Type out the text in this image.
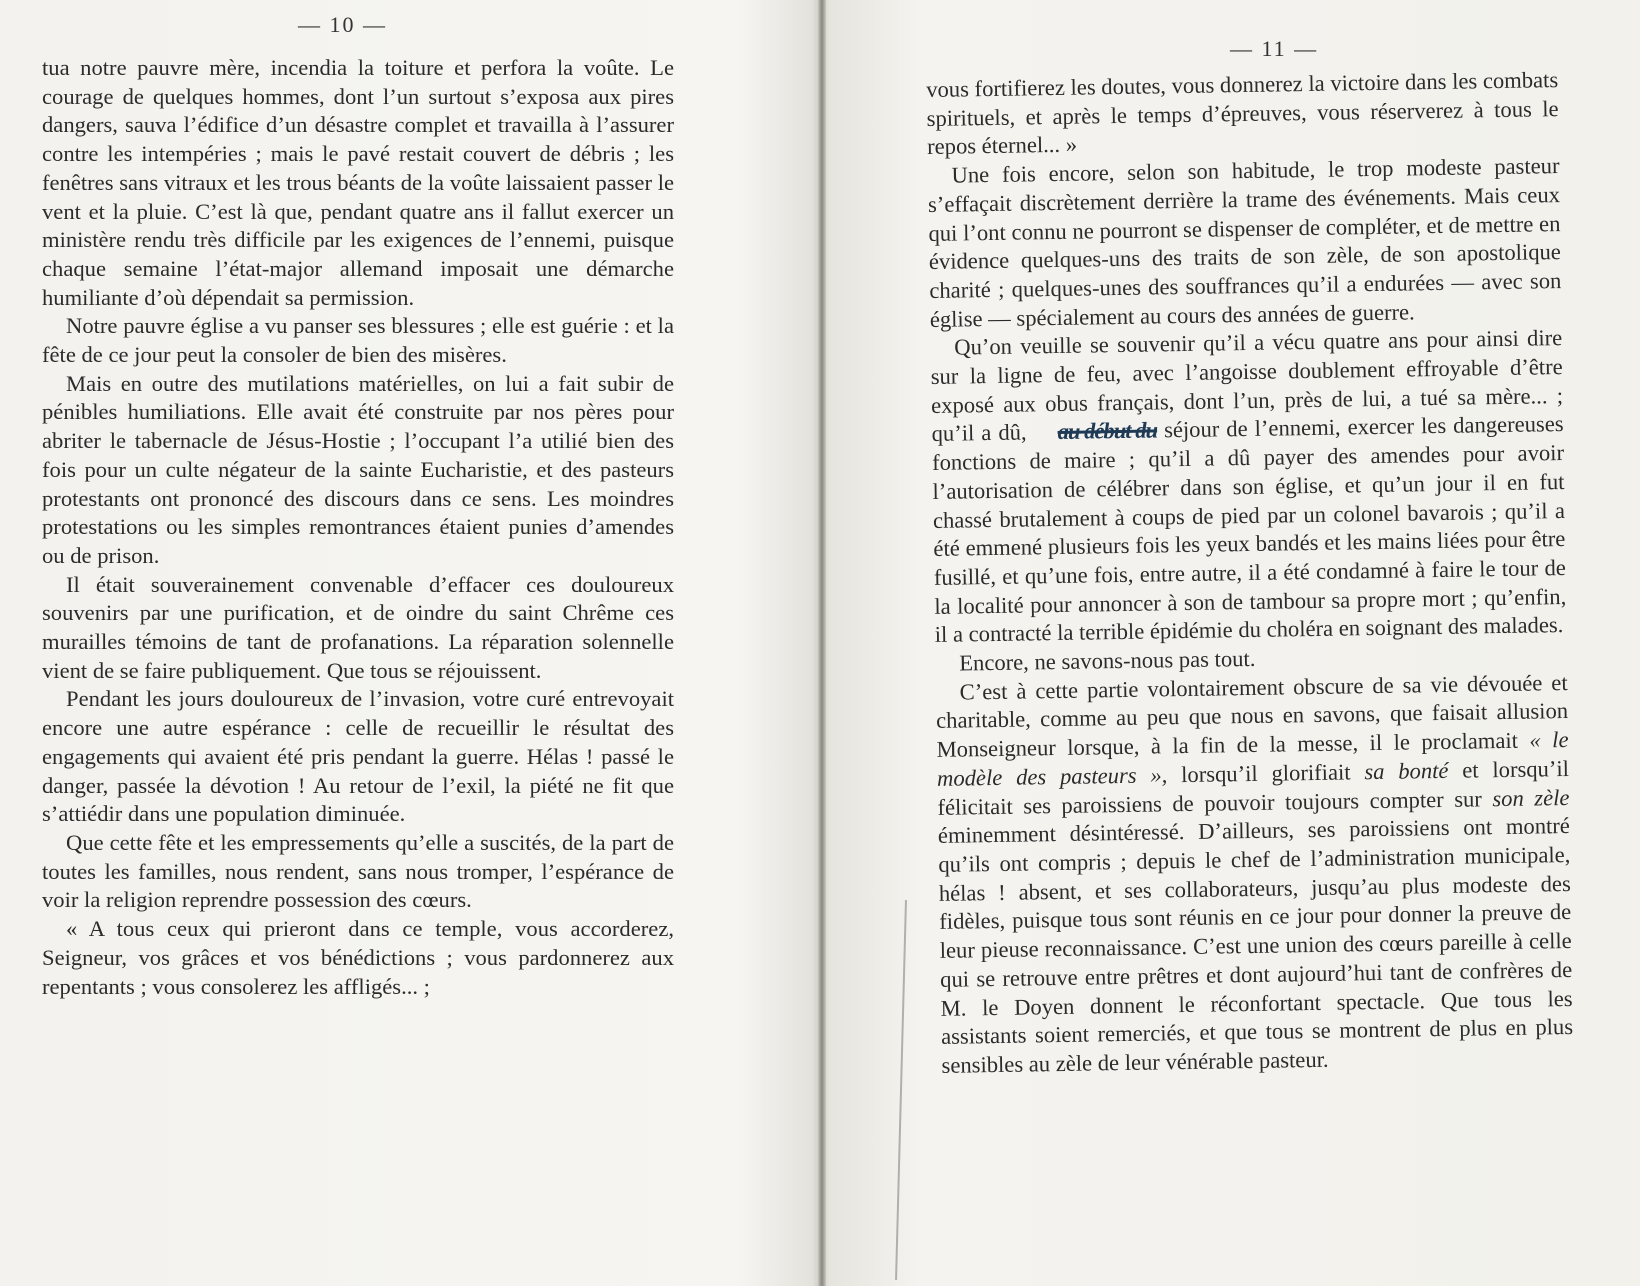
— 10 —

tua notre pauvre mère, incendia la toiture et perfora la voûte. Le courage de quelques hommes, dont l’un surtout s’exposa aux pires dangers, sauva l’édifice d’un désastre complet et travailla à l’assurer contre les intempéries ; mais le pavé restait couvert de débris ; les fenêtres sans vitraux et les trous béants de la voûte laissaient passer le vent et la pluie. C’est là que, pendant quatre ans il fallut exercer un ministère rendu très difficile par les exigences de l’ennemi, puisque chaque semaine l’état-major allemand imposait une démarche humiliante d’où dépendait sa permission.

Notre pauvre église a vu panser ses blessures ; elle est guérie : et la fête de ce jour peut la consoler de bien des misères.

Mais en outre des mutilations matérielles, on lui a fait subir de pénibles humiliations. Elle avait été construite par nos pères pour abriter le tabernacle de Jésus-Hostie ; l’occupant l’a utilié bien des fois pour un culte négateur de la sainte Eucharistie, et des pasteurs protestants ont prononcé des discours dans ce sens. Les moindres protestations ou les simples remontrances étaient punies d’amendes ou de prison.

Il était souverainement convenable d’effacer ces douloureux souvenirs par une purification, et de oindre du saint Chrême ces murailles témoins de tant de profanations. La réparation solennelle vient de se faire publiquement. Que tous se réjouissent.

Pendant les jours douloureux de l’invasion, votre curé entrevoyait encore une autre espérance : celle de recueillir le résultat des engagements qui avaient été pris pendant la guerre. Hélas ! passé le danger, passée la dévotion ! Au retour de l’exil, la piété ne fit que s’attiédir dans une population diminuée.

Que cette fête et les empressements qu’elle a suscités, de la part de toutes les familles, nous rendent, sans nous tromper, l’espérance de voir la religion reprendre possession des cœurs.

« A tous ceux qui prieront dans ce temple, vous accorderez, Seigneur, vos grâces et vos bénédictions ; vous pardonnerez aux repentants ; vous consolerez les affligés... ;

— 11 —

vous fortifierez les doutes, vous donnerez la victoire dans les combats spirituels, et après le temps d’épreuves, vous réserverez à tous le repos éternel... »

Une fois encore, selon son habitude, le trop modeste pasteur s’effaçait discrètement derrière la trame des événements. Mais ceux qui l’ont connu ne pourront se dispenser de compléter, et de mettre en évidence quelques-uns des traits de son zèle, de son apostolique charité ; quelques-unes des souffrances qu’il a endurées — avec son église — spécialement au cours des années de guerre.

Qu’on veuille se souvenir qu’il a vécu quatre ans pour ainsi dire sur la ligne de feu, avec l’angoisse doublement effroyable d’être exposé aux obus français, dont l’un, près de lui, a tué sa mère... ; qu’il a dû, au début du séjour de l’ennemi, exercer les dangereuses fonctions de maire ; qu’il a dû payer des amendes pour avoir l’autorisation de célébrer dans son église, et qu’un jour il en fut chassé brutalement à coups de pied par un colonel bavarois ; qu’il a été emmené plusieurs fois les yeux bandés et les mains liées pour être fusillé, et qu’une fois, entre autre, il a été condamné à faire le tour de la localité pour annoncer à son de tambour sa propre mort ; qu’enfin, il a contracté la terrible épidémie du choléra en soignant des malades.

Encore, ne savons-nous pas tout.

C’est à cette partie volontairement obscure de sa vie dévouée et charitable, comme au peu que nous en savons, que faisait allusion Monseigneur lorsque, à la fin de la messe, il le proclamait « le modèle des pasteurs », lorsqu’il glorifiait sa bonté et lorsqu’il félicitait ses paroissiens de pouvoir toujours compter sur son zèle éminemment désintéressé. D’ailleurs, ses paroissiens ont montré qu’ils ont compris ; depuis le chef de l’administration municipale, hélas ! absent, et ses collaborateurs, jusqu’au plus modeste des fidèles, puisque tous sont réunis en ce jour pour donner la preuve de leur pieuse reconnaissance. C’est une union des cœurs pareille à celle qui se retrouve entre prêtres et dont aujourd’hui tant de confrères de M. le Doyen donnent le réconfortant spectacle. Que tous les assistants soient remerciés, et que tous se montrent de plus en plus sensibles au zèle de leur vénérable pasteur.
